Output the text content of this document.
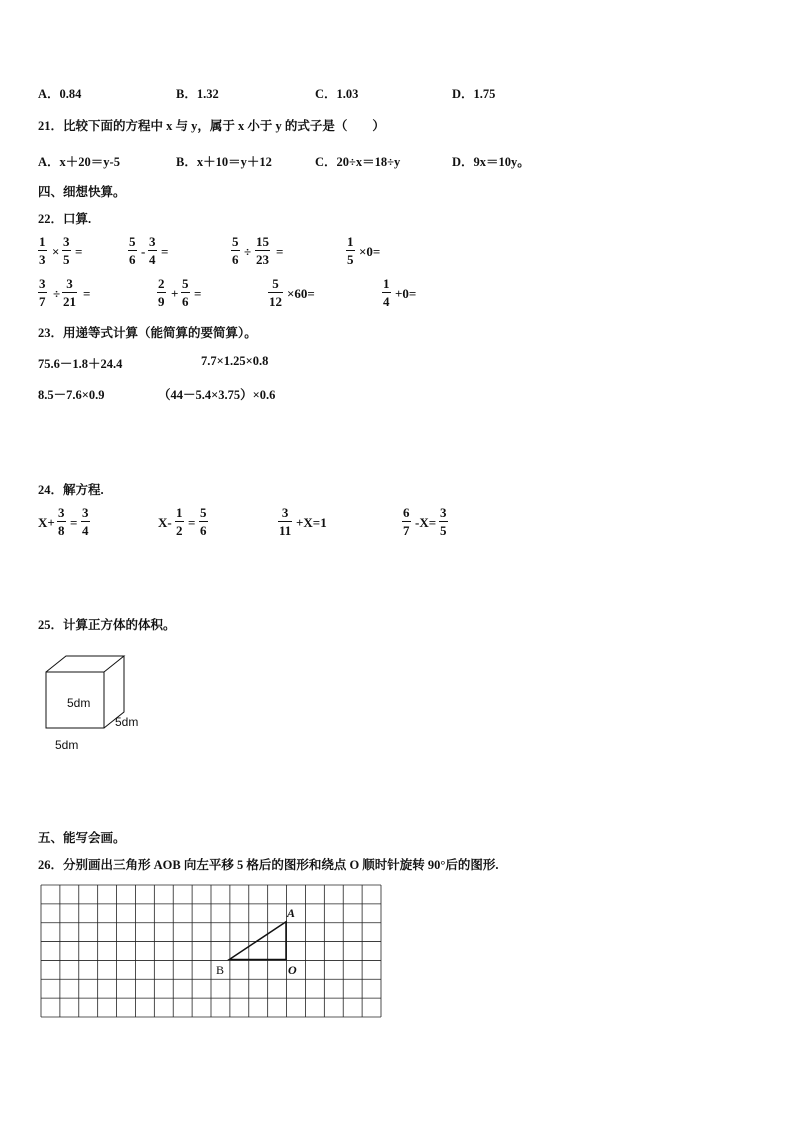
A．0.84	B．1.32	C．1.03	D．1.75
21．比较下面的方程中 x 与 y，属于 x 小于 y 的式子是（　　）
A．x＋20＝y-5	B．x＋10＝y＋12	C．20÷x＝18÷y	D．9x＝10y。
四、细想快算。
22．口算.
$\frac{1}{3} \times \frac{3}{5}$ =	$\frac{5}{6} - \frac{3}{4}$ =	$\frac{5}{6} \div \frac{15}{23}$ =	$\frac{1}{5} \times 0=$
$\frac{3}{7} \div \frac{3}{21}$ =	$\frac{2}{9} + \frac{5}{6}$ =	$\frac{5}{12} \times 60=$	$\frac{1}{4} +0=$
23．用递等式计算（能简算的要简算）。
75.6－1.8＋24.4	7.7×1.25×0.8
8.5－7.6×0.9	（44－5.4×3.75）×0.6
24．解方程.
$X+ \frac{3}{8} = \frac{3}{4}$	$X- \frac{1}{2} = \frac{5}{6}$	$\frac{3}{11} +X=1$	$\frac{6}{7} -X= \frac{3}{5}$
25．计算正方体的体积。
5dm
5dm
5dm
五、能写会画。
26．分别画出三角形 AOB 向左平移 5 格后的图形和绕点 O 顺时针旋转 90°后的图形.
A
B	O
